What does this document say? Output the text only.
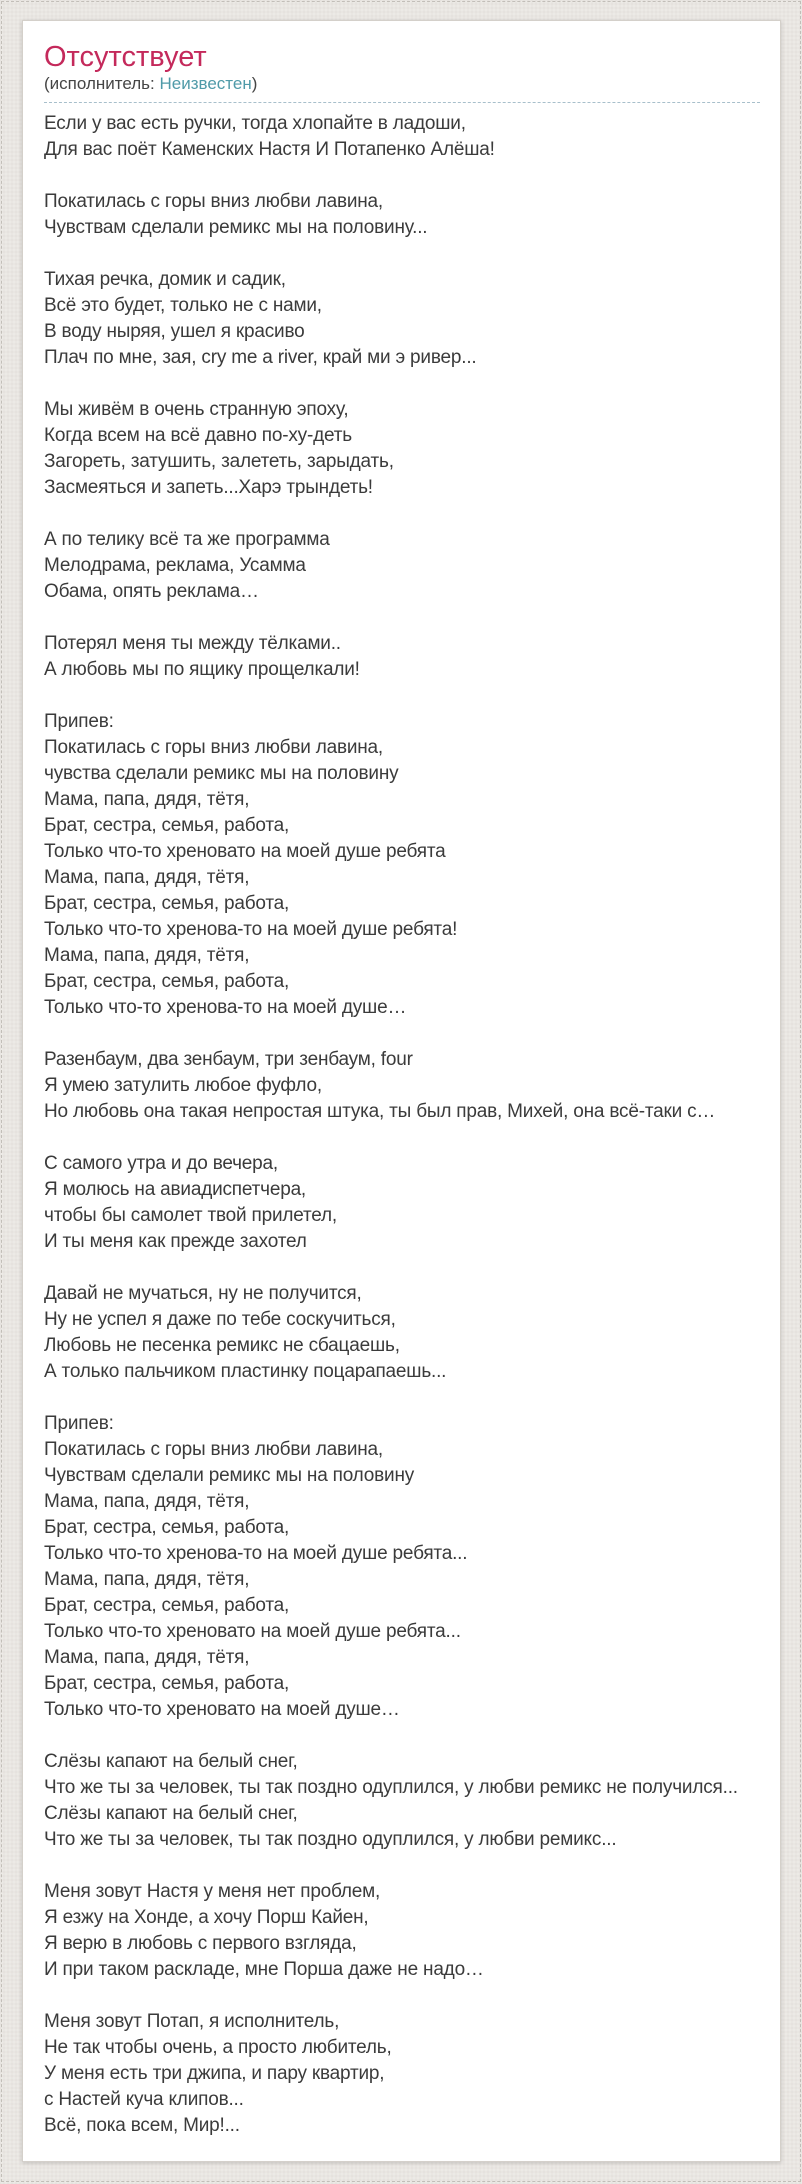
Отсутствует
(исполнитель: Неизвестен)
Если у вас есть ручки, тогда хлопайте в ладоши,
Для вас поёт Каменских Настя И Потапенко Алёша!

Покатилась с горы вниз любви лавина,
Чувствам сделали ремикс мы на половину...

Тихая речка, домик и садик,
Всё это будет, только не с нами,
В воду ныряя, ушел я красиво
Плач по мне, зая, cry me a river, край ми э ривер...

Мы живём в очень странную эпоху,
Когда всем на всё давно по-ху-деть
Загореть, затушить, залететь, зарыдать,
Засмеяться и запеть...Харэ трындеть!

А по телику всё та же программа
Мелодрама, реклама, Усамма
Обама, опять реклама…

Потерял меня ты между тёлками..
А любовь мы по ящику прощелкали!

Припев:
Покатилась с горы вниз любви лавина,
чувства сделали ремикс мы на половину
Мама, папа, дядя, тётя,
Брат, сестра, семья, работа,
Только что-то хреновато на моей душе ребята
Мама, папа, дядя, тётя,
Брат, сестра, семья, работа,
Только что-то хренова-то на моей душе ребята!
Мама, папа, дядя, тётя,
Брат, сестра, семья, работа,
Только что-то хренова-то на моей душе…

Разенбаум, два зенбаум, три зенбаум, four
Я умею затулить любое фуфло,
Но любовь она такая непростая штука, ты был прав, Михей, она всё-таки с…

С самого утра и до вечера,
Я молюсь на авиадиспетчера,
чтобы бы самолет твой прилетел,
И ты меня как прежде захотел

Давай не мучаться, ну не получится,
Ну не успел я даже по тебе соскучиться,
Любовь не песенка ремикс не сбацаешь,
А только пальчиком пластинку поцарапаешь...

Припев:
Покатилась с горы вниз любви лавина,
Чувствам сделали ремикс мы на половину
Мама, папа, дядя, тётя,
Брат, сестра, семья, работа,
Только что-то хренова-то на моей душе ребята...
Мама, папа, дядя, тётя,
Брат, сестра, семья, работа,
Только что-то хреновато на моей душе ребята...
Мама, папа, дядя, тётя,
Брат, сестра, семья, работа,
Только что-то хреновато на моей душе…

Слёзы капают на белый снег,
Что же ты за человек, ты так поздно одуплился, у любви ремикс не получился...
Слёзы капают на белый снег,
Что же ты за человек, ты так поздно одуплился, у любви ремикс...

Меня зовут Настя у меня нет проблем,
Я езжу на Хонде, а хочу Порш Кайен,
Я верю в любовь с первого взгляда,
И при таком раскладе, мне Порша даже не надо…

Меня зовут Потап, я исполнитель,
Не так чтобы очень, а просто любитель,
У меня есть три джипа, и пару квартир,
с Настей куча клипов...
Всё, пока всем, Мир!...
